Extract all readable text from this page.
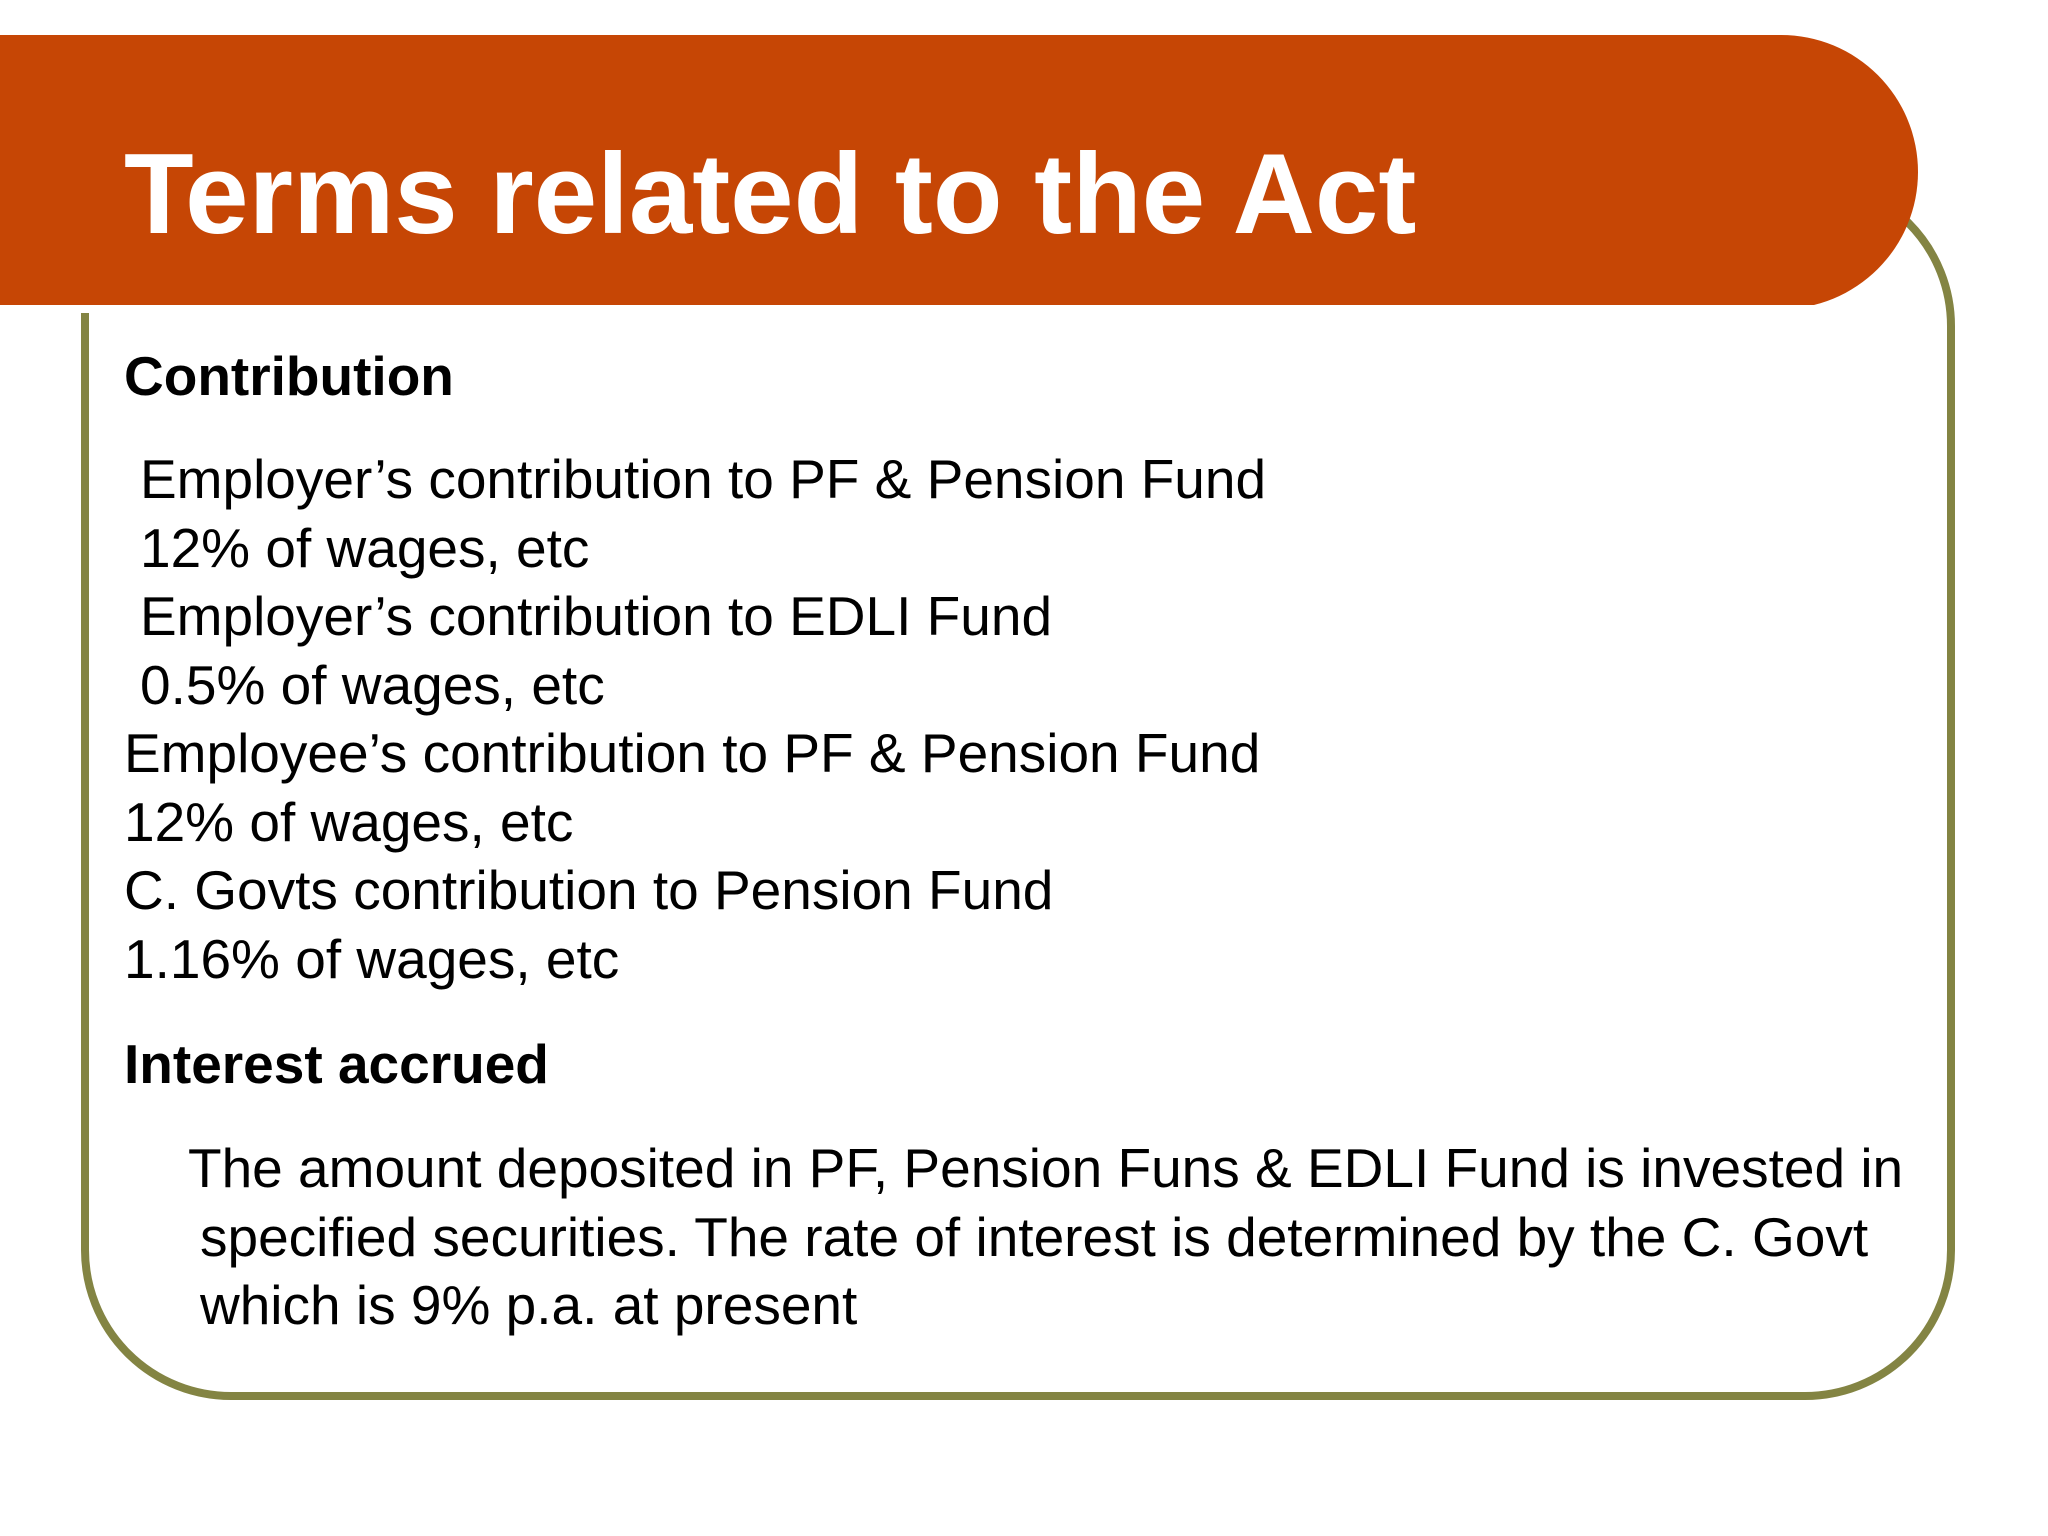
Terms related to the Act
Contribution
Employer’s contribution to PF & Pension Fund
12% of wages, etc
Employer’s contribution to EDLI Fund
0.5% of wages, etc
Employee’s contribution to PF & Pension Fund
12% of wages, etc
C. Govts contribution to Pension Fund
1.16% of wages, etc
Interest accrued

The amount deposited in PF, Pension Funs & EDLI Fund is invested in specified securities. The rate of interest is determined by the C. Govt which is 9% p.a. at present
